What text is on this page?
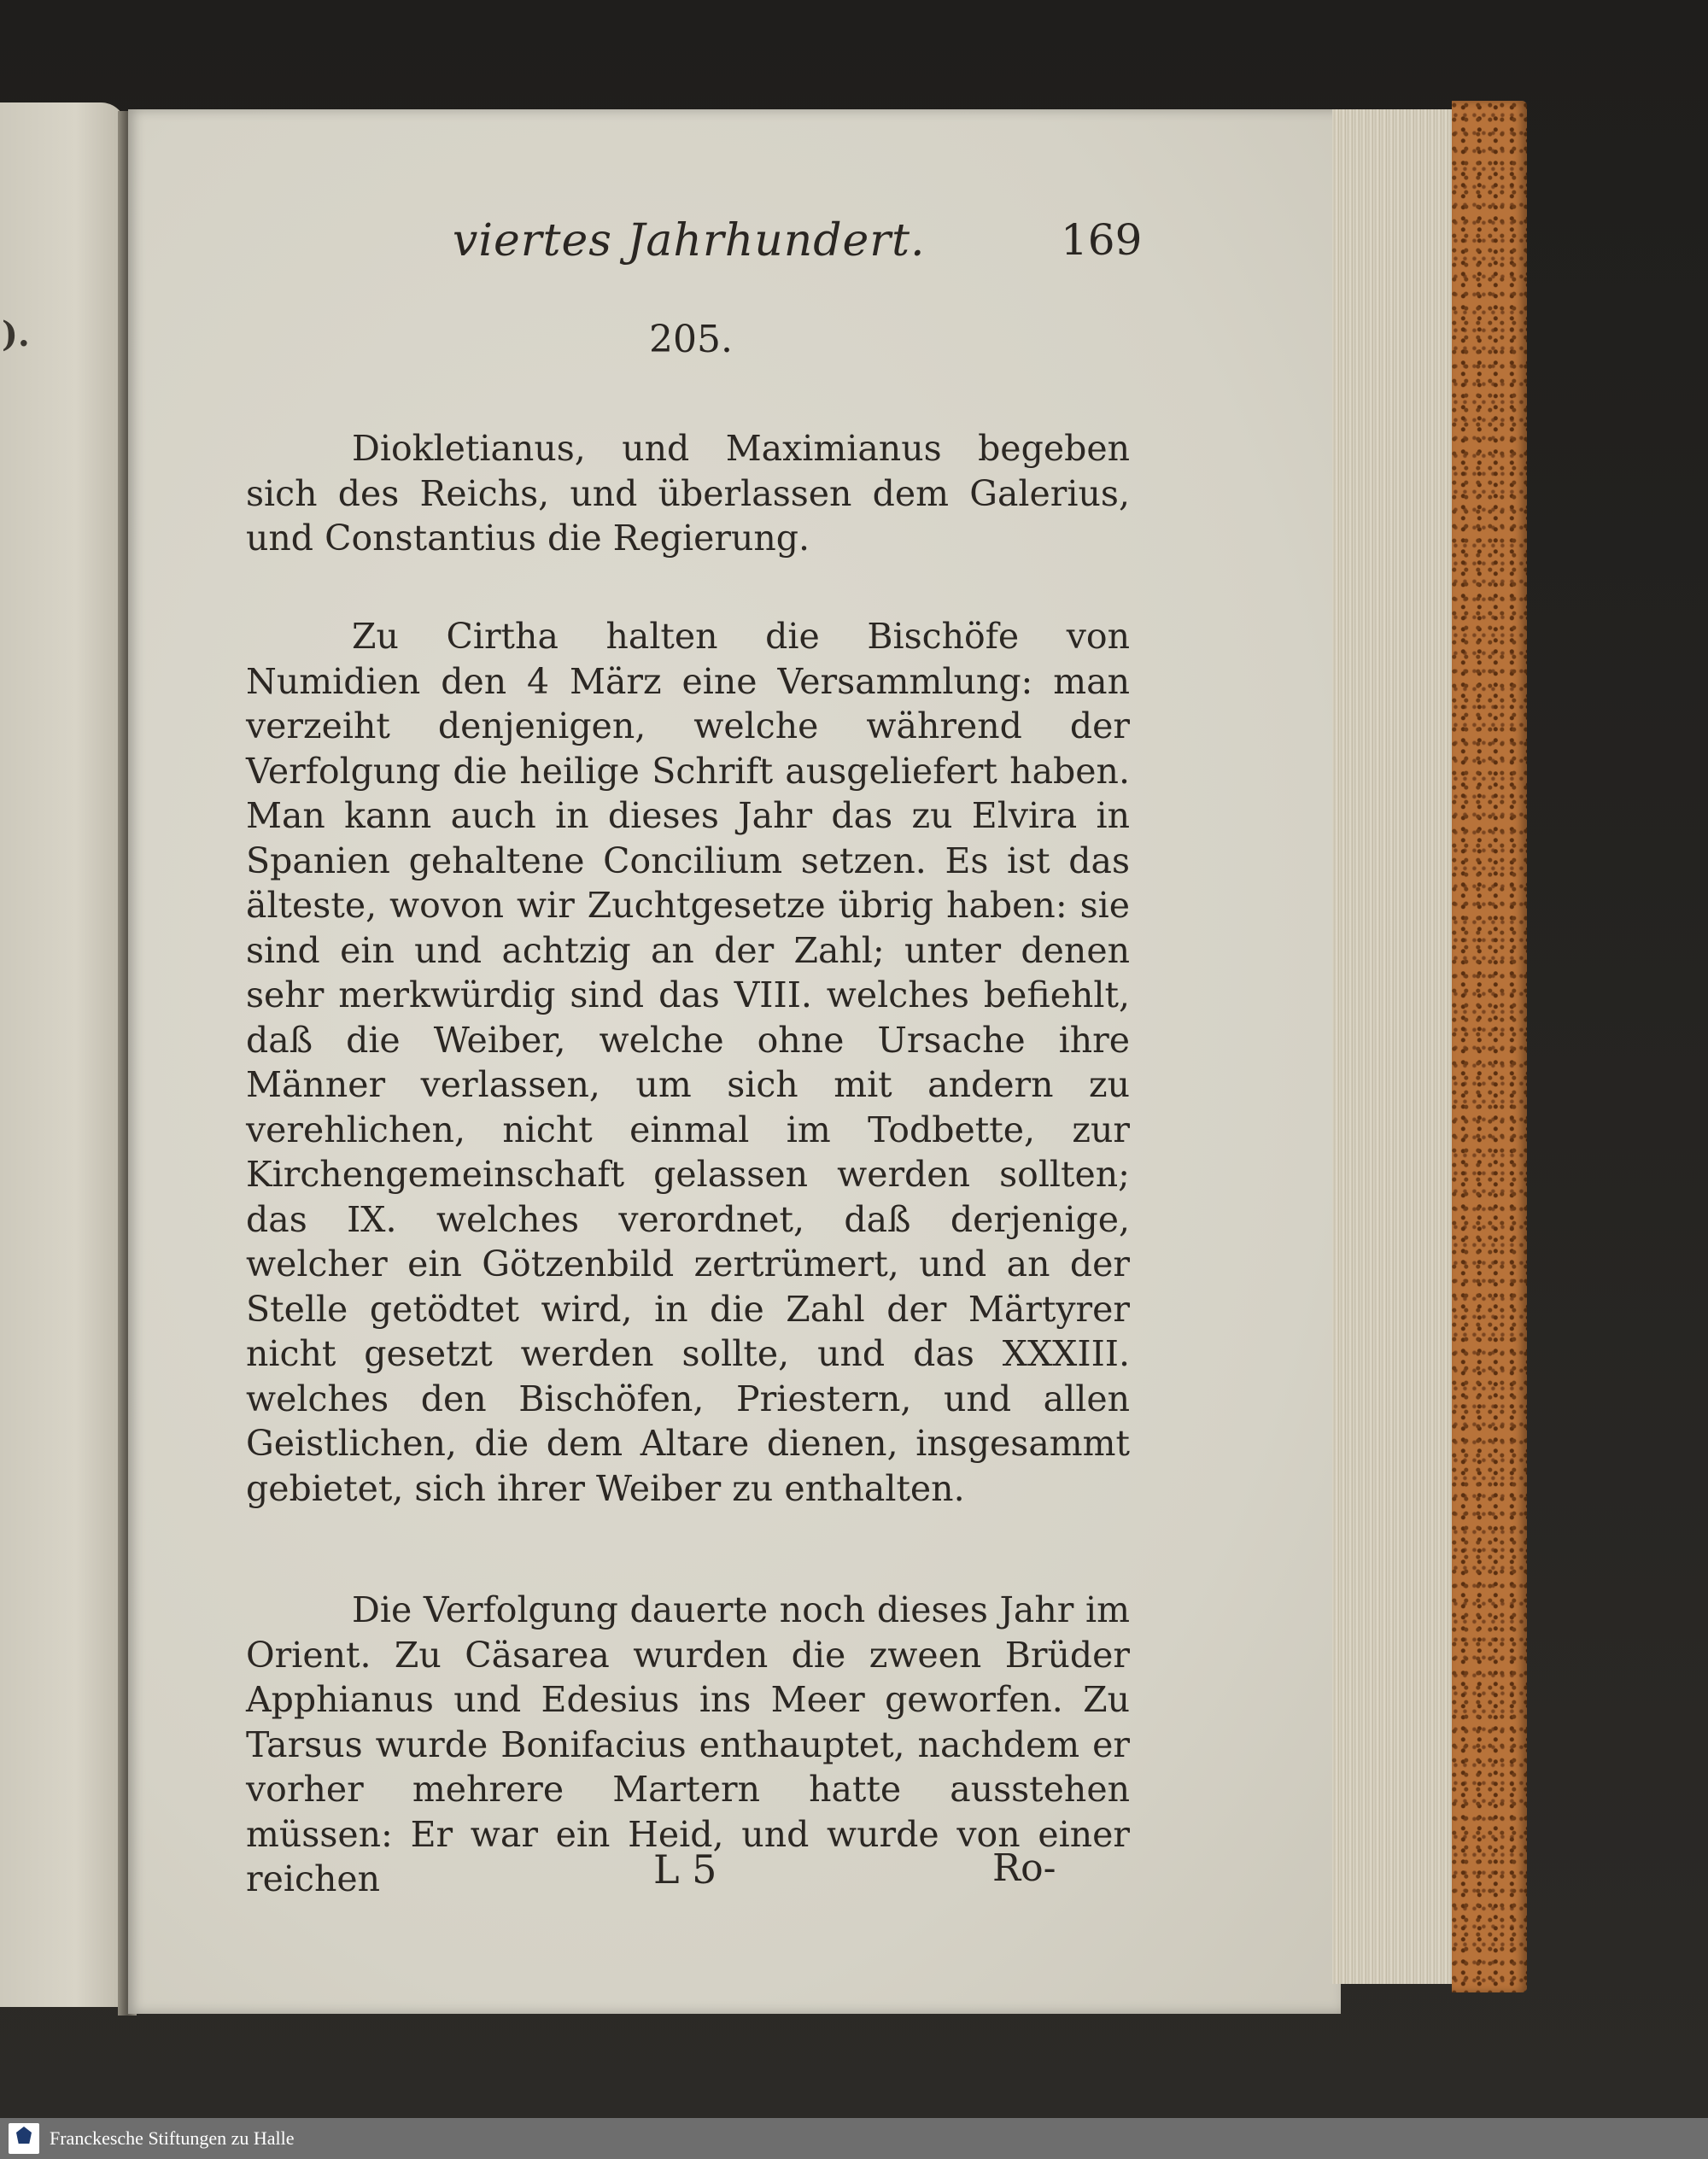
).
viertes Jahrhundert.	169
205.

Diokletianus, und Maximianus begeben sich des Reichs, und überlassen dem Galerius, und Constantius die Regierung.

Zu Cirtha halten die Bischöfe von Numidien den 4 März eine Versammlung: man verzeiht denjenigen, welche während der Verfolgung die heilige Schrift ausgeliefert haben. Man kann auch in dieses Jahr das zu Elvira in Spanien gehaltene Concilium setzen. Es ist das älteste, wovon wir Zuchtgesetze übrig haben: sie sind ein und achtzig an der Zahl; unter denen sehr merkwürdig sind das VIII. welches befiehlt, daß die Weiber, welche ohne Ursache ihre Männer verlassen, um sich mit andern zu verehlichen, nicht einmal im Todbette, zur Kirchengemeinschaft gelassen werden sollten; das IX. welches verordnet, daß derjenige, welcher ein Götzenbild zertrümert, und an der Stelle getödtet wird, in die Zahl der Märtyrer nicht gesetzt werden sollte, und das XXXIII. welches den Bischöfen, Priestern, und allen Geistlichen, die dem Altare dienen, insgesammt gebietet, sich ihrer Weiber zu enthalten.

Die Verfolgung dauerte noch dieses Jahr im Orient. Zu Cäsarea wurden die zween Brüder Apphianus und Edesius ins Meer geworfen. Zu Tarsus wurde Bonifacius enthauptet, nachdem er vorher mehrere Martern hatte ausstehen müssen: Er war ein Heid, und wurde von einer reichen	L 5	Ro-
Franckesche Stiftungen zu Halle
